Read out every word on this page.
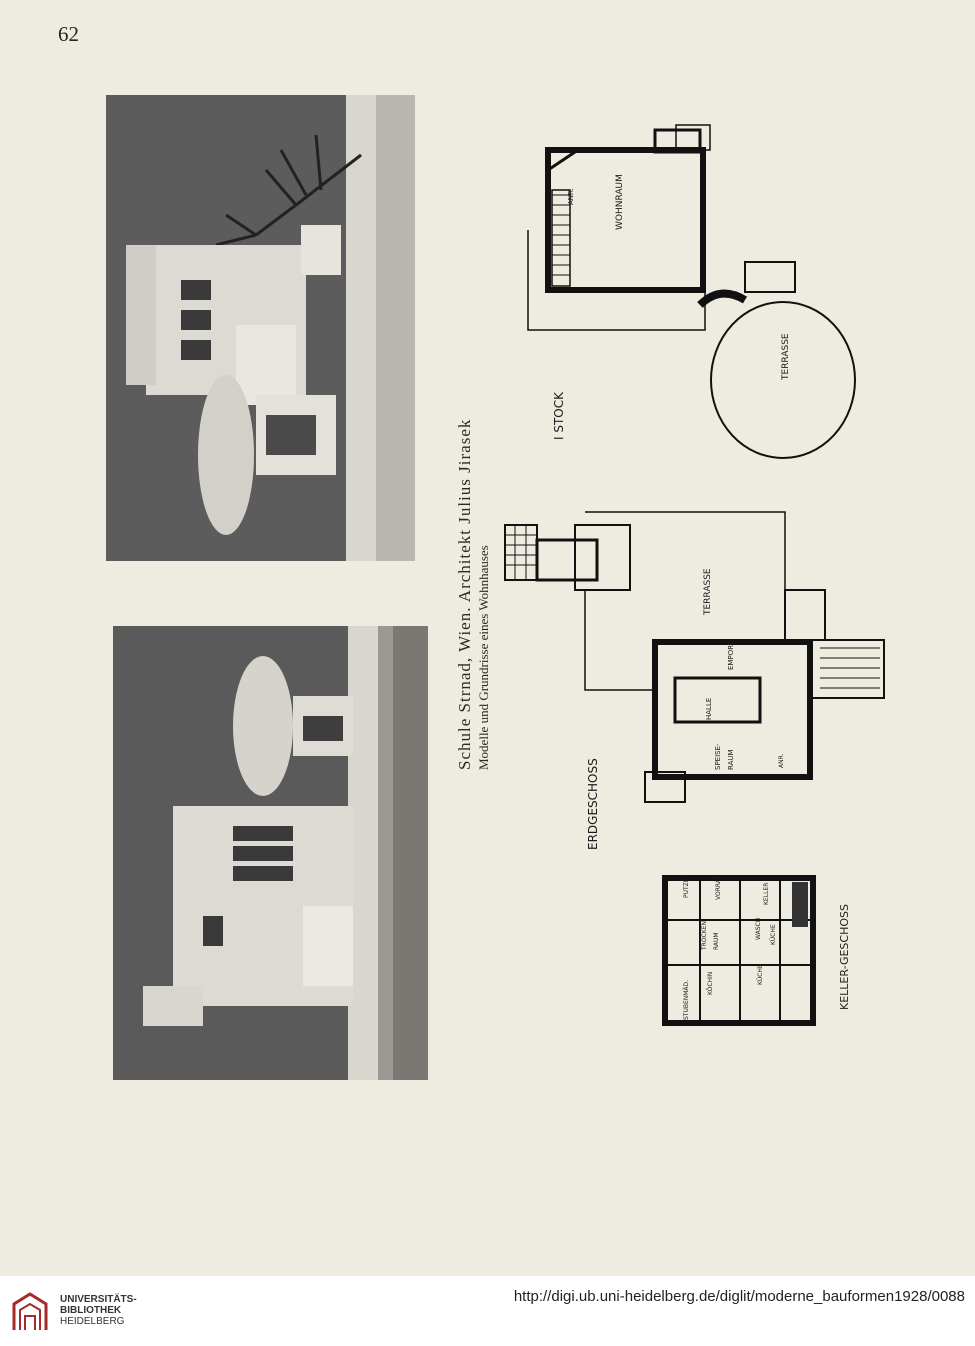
62
Schule Strnad, Wien. Architekt Julius Jirasek Modelle und Grundrisse eines Wohnhauses
WOHNRAUM
ANR.
TERRASSE
I STOCK
HALLE
EMPORE
SPEISE- RAUM	ANR.
TERRASSE
ERDGESCHOSS
PUTZR.	VORRAT	KELLER
TROCKEN RAUM
WASCH KÜCHE
STUBENMÄD.	KÖCHIN	KÜCHE	KELLER-GESCHOSS
UNIVERSITÄTS-
BIBLIOTHEK
HEIDELBERG
http://digi.ub.uni-heidelberg.de/diglit/moderne_bauformen1928/0088
